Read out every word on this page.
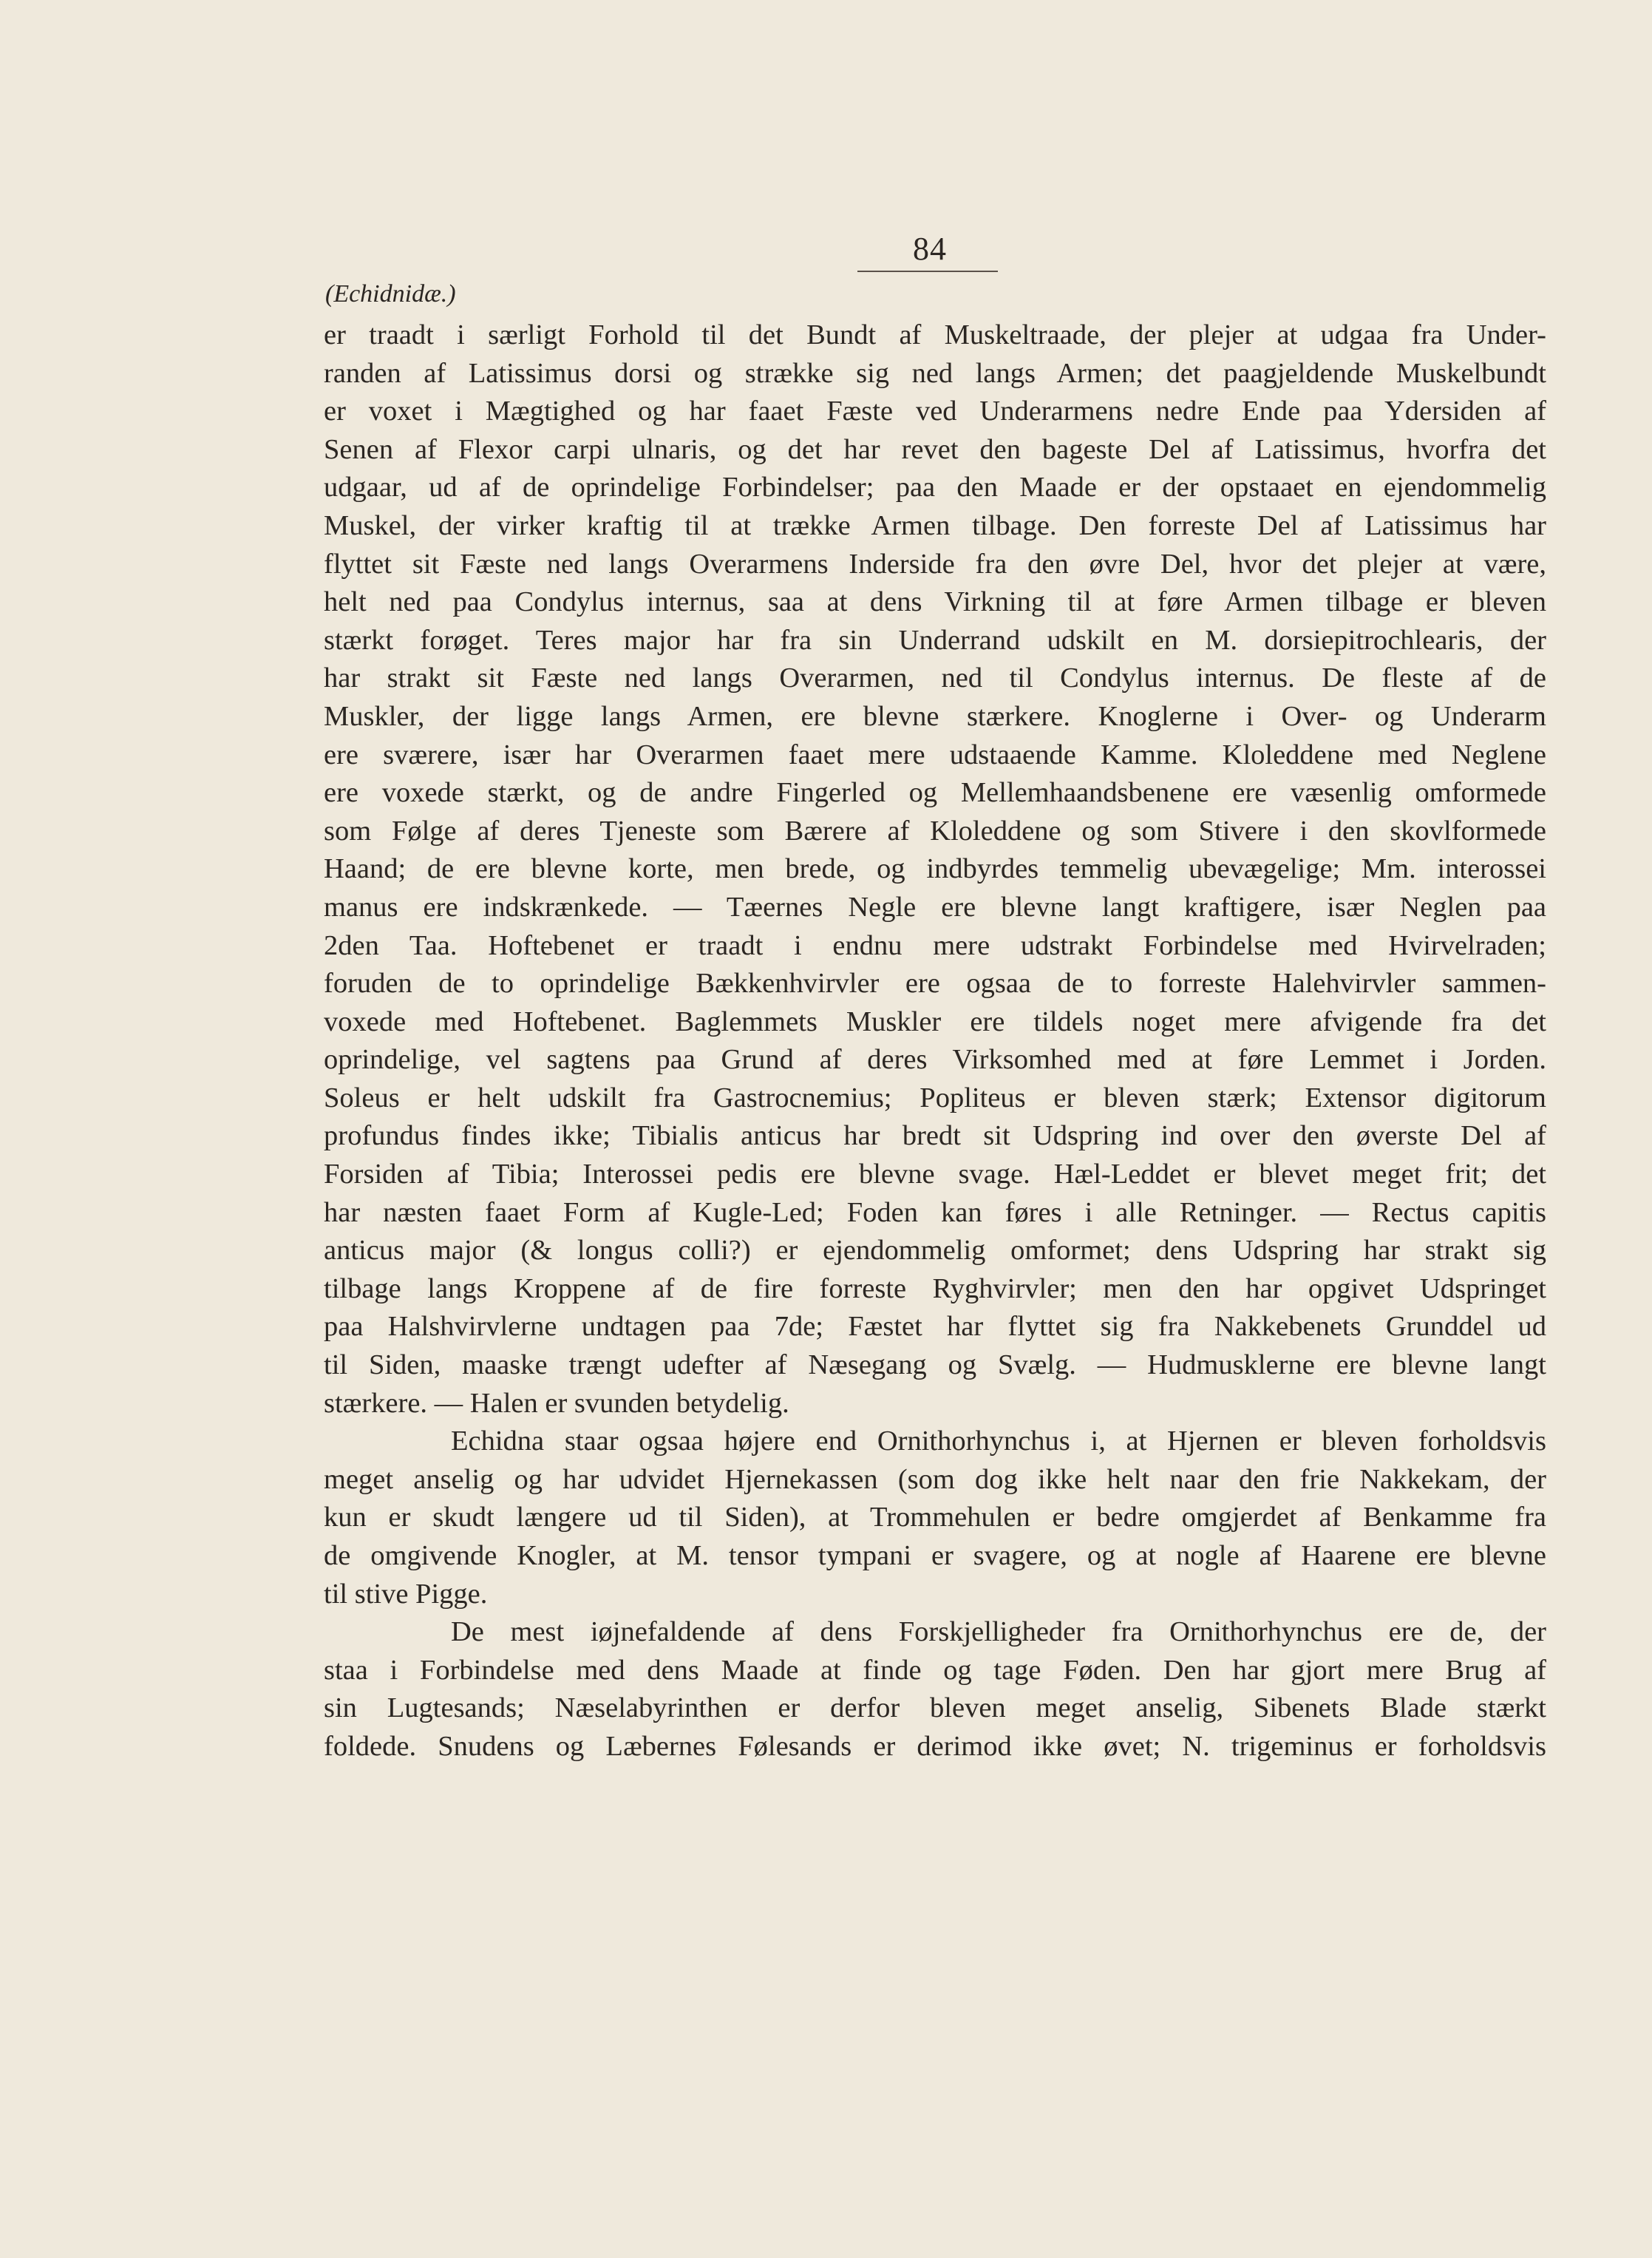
84
(Echidnidæ.)
er traadt i særligt Forhold til det Bundt af Muskeltraade, der plejer at udgaa fra Under-
randen af Latissimus dorsi og strække sig ned langs Armen; det paagjeldende Muskelbundt
er voxet i Mægtighed og har faaet Fæste ved Underarmens nedre Ende paa Ydersiden af
Senen af Flexor carpi ulnaris, og det har revet den bageste Del af Latissimus, hvorfra det
udgaar, ud af de oprindelige Forbindelser; paa den Maade er der opstaaet en ejendommelig
Muskel, der virker kraftig til at trække Armen tilbage. Den forreste Del af Latissimus har
flyttet sit Fæste ned langs Overarmens Inderside fra den øvre Del, hvor det plejer at være,
helt ned paa Condylus internus, saa at dens Virkning til at føre Armen tilbage er bleven
stærkt forøget. Teres major har fra sin Underrand udskilt en M. dorsiepitrochlearis, der
har strakt sit Fæste ned langs Overarmen, ned til Condylus internus. De fleste af de
Muskler, der ligge langs Armen, ere blevne stærkere. Knoglerne i Over- og Underarm
ere sværere, især har Overarmen faaet mere udstaaende Kamme. Kloleddene med Neglene
ere voxede stærkt, og de andre Fingerled og Mellemhaandsbenene ere væsenlig omformede
som Følge af deres Tjeneste som Bærere af Kloleddene og som Stivere i den skovlformede
Haand; de ere blevne korte, men brede, og indbyrdes temmelig ubevægelige; Mm. interossei
manus ere indskrænkede. — Tæernes Negle ere blevne langt kraftigere, især Neglen paa
2den Taa. Hoftebenet er traadt i endnu mere udstrakt Forbindelse med Hvirvelraden;
foruden de to oprindelige Bækkenhvirvler ere ogsaa de to forreste Halehvirvler sammen-
voxede med Hoftebenet. Baglemmets Muskler ere tildels noget mere afvigende fra det
oprindelige, vel sagtens paa Grund af deres Virksomhed med at føre Lemmet i Jorden.
Soleus er helt udskilt fra Gastrocnemius; Popliteus er bleven stærk; Extensor digitorum
profundus findes ikke; Tibialis anticus har bredt sit Udspring ind over den øverste Del af
Forsiden af Tibia; Interossei pedis ere blevne svage. Hæl-Leddet er blevet meget frit; det
har næsten faaet Form af Kugle-Led; Foden kan føres i alle Retninger. — Rectus capitis
anticus major (& longus colli?) er ejendommelig omformet; dens Udspring har strakt sig
tilbage langs Kroppene af de fire forreste Ryghvirvler; men den har opgivet Udspringet
paa Halshvirvlerne undtagen paa 7de; Fæstet har flyttet sig fra Nakkebenets Grunddel ud
til Siden, maaske trængt udefter af Næsegang og Svælg. — Hudmusklerne ere blevne langt
stærkere. — Halen er svunden betydelig.
Echidna staar ogsaa højere end Ornithorhynchus i, at Hjernen er bleven forholdsvis
meget anselig og har udvidet Hjernekassen (som dog ikke helt naar den frie Nakkekam, der
kun er skudt længere ud til Siden), at Trommehulen er bedre omgjerdet af Benkamme fra
de omgivende Knogler, at M. tensor tympani er svagere, og at nogle af Haarene ere blevne
til stive Pigge.
De mest iøjnefaldende af dens Forskjelligheder fra Ornithorhynchus ere de, der
staa i Forbindelse med dens Maade at finde og tage Føden. Den har gjort mere Brug af
sin Lugtesands; Næselabyrinthen er derfor bleven meget anselig, Sibenets Blade stærkt
foldede. Snudens og Læbernes Følesands er derimod ikke øvet; N. trigeminus er forholdsvis
